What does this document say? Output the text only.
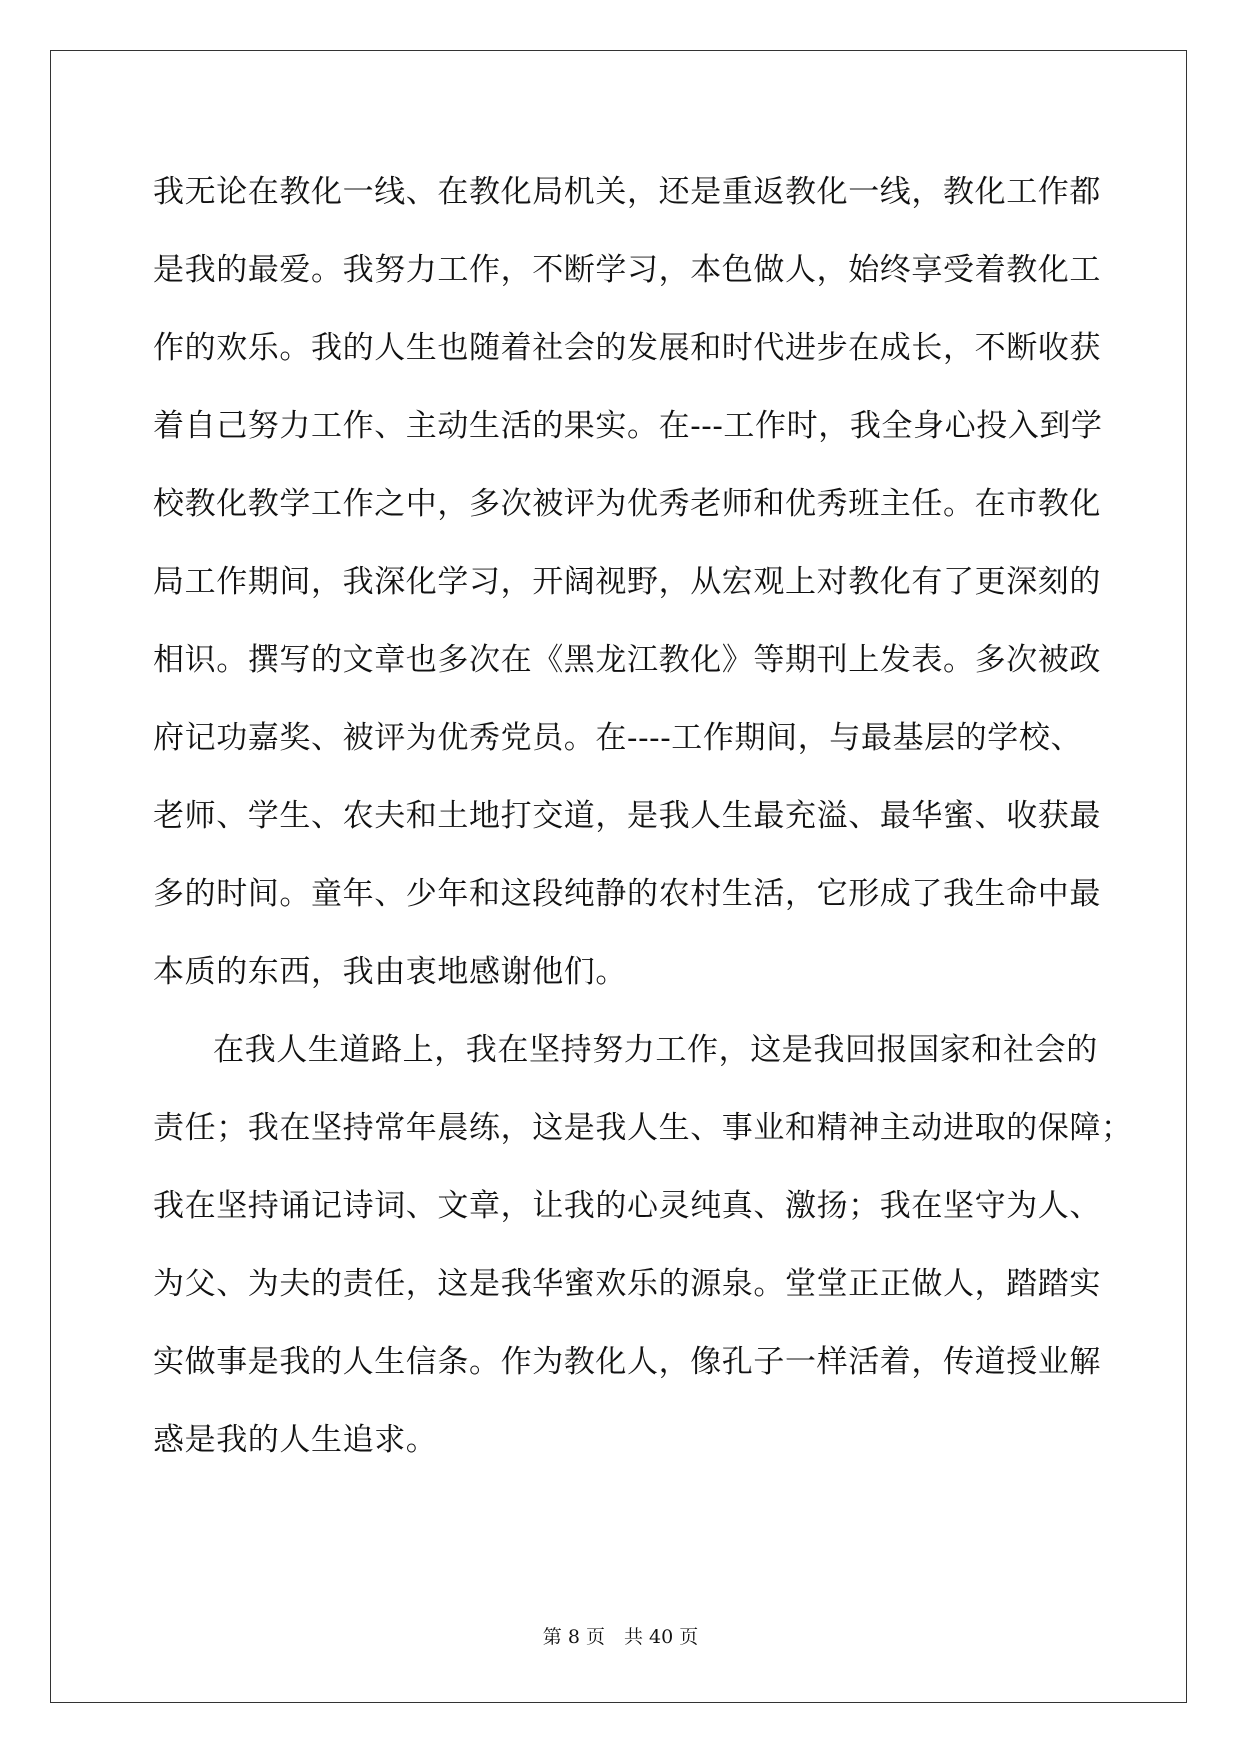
我无论在教化一线、在教化局机关，还是重返教化一线，教化工作都
是我的最爱。我努力工作，不断学习，本色做人，始终享受着教化工
作的欢乐。我的人生也随着社会的发展和时代进步在成长，不断收获
着自己努力工作、主动生活的果实。在---工作时，我全身心投入到学
校教化教学工作之中，多次被评为优秀老师和优秀班主任。在市教化
局工作期间，我深化学习，开阔视野，从宏观上对教化有了更深刻的
相识。撰写的文章也多次在《黑龙江教化》等期刊上发表。多次被政
府记功嘉奖、被评为优秀党员。在----工作期间，与最基层的学校、
老师、学生、农夫和土地打交道，是我人生最充溢、最华蜜、收获最
多的时间。童年、少年和这段纯静的农村生活，它形成了我生命中最
本质的东西，我由衷地感谢他们。
在我人生道路上，我在坚持努力工作，这是我回报国家和社会的
责任；我在坚持常年晨练，这是我人生、事业和精神主动进取的保障；
我在坚持诵记诗词、文章，让我的心灵纯真、激扬；我在坚守为人、
为父、为夫的责任，这是我华蜜欢乐的源泉。堂堂正正做人，踏踏实
实做事是我的人生信条。作为教化人，像孔子一样活着，传道授业解
惑是我的人生追求。
第 8 页　共 40 页
